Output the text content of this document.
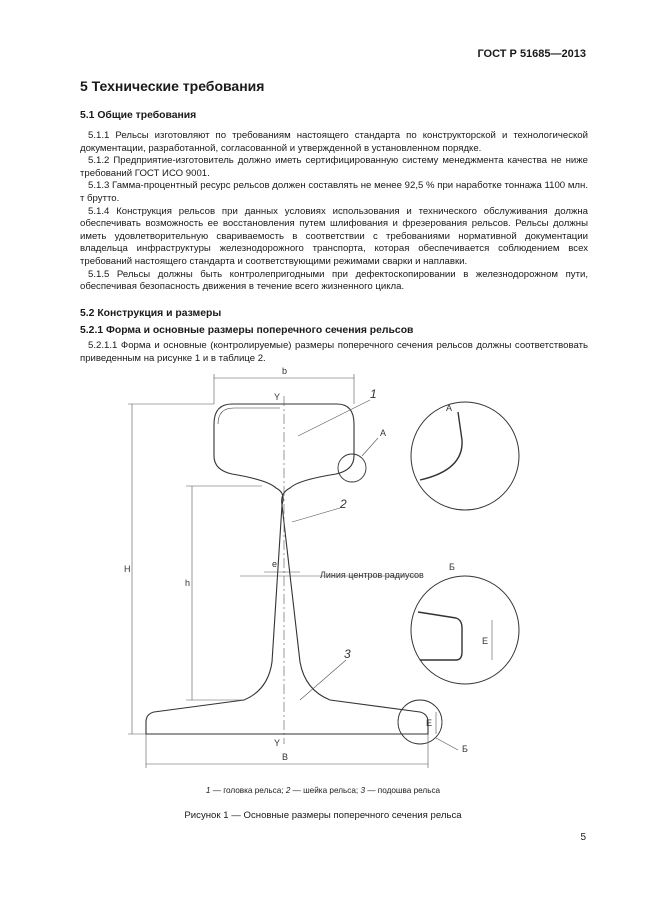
ГОСТ Р 51685—2013
5 Технические требования
5.1 Общие требования

5.1.1 Рельсы изготовляют по требованиям настоящего стандарта по конструкторской и технологической документации, разработанной, согласованной и утвержденной в установленном порядке.

5.1.2 Предприятие-изготовитель должно иметь сертифицированную систему менеджмента качества не ниже требований ГОСТ ИСО 9001.

5.1.3 Гамма-процентный ресурс рельсов должен составлять не менее 92,5 % при наработке тоннажа 1100 млн. т брутто.

5.1.4 Конструкция рельсов при данных условиях использования и технического обслуживания должна обеспечивать возможность ее восстановления путем шлифования и фрезерования рельсов. Рельсы должны иметь удовлетворительную свариваемость в соответствии с требованиями нормативной документации владельца инфраструктуры железнодорожного транспорта, которая обеспечивается соблюдением всех требований настоящего стандарта и соответствующими режимами сварки и наплавки.

5.1.5 Рельсы должны быть контролепригодными при дефектоскопировании в железнодорожном пути, обеспечивая безопасность движения в течение всего жизненного цикла.

5.2 Конструкция и размеры
5.2.1 Форма и основные размеры поперечного сечения рельсов

5.2.1.1 Форма и основные (контролируемые) размеры поперечного сечения рельсов должны соответствовать приведенным на рисунке 1 и в таблице 2.

b
Y
Y
H
h
e
Линия центров радиусов
B
А
А
Б
Б
E
E
1
2
3
1 — головка рельса; 2 — шейка рельса; 3 — подошва рельса
Рисунок 1 — Основные размеры поперечного сечения рельса
5
